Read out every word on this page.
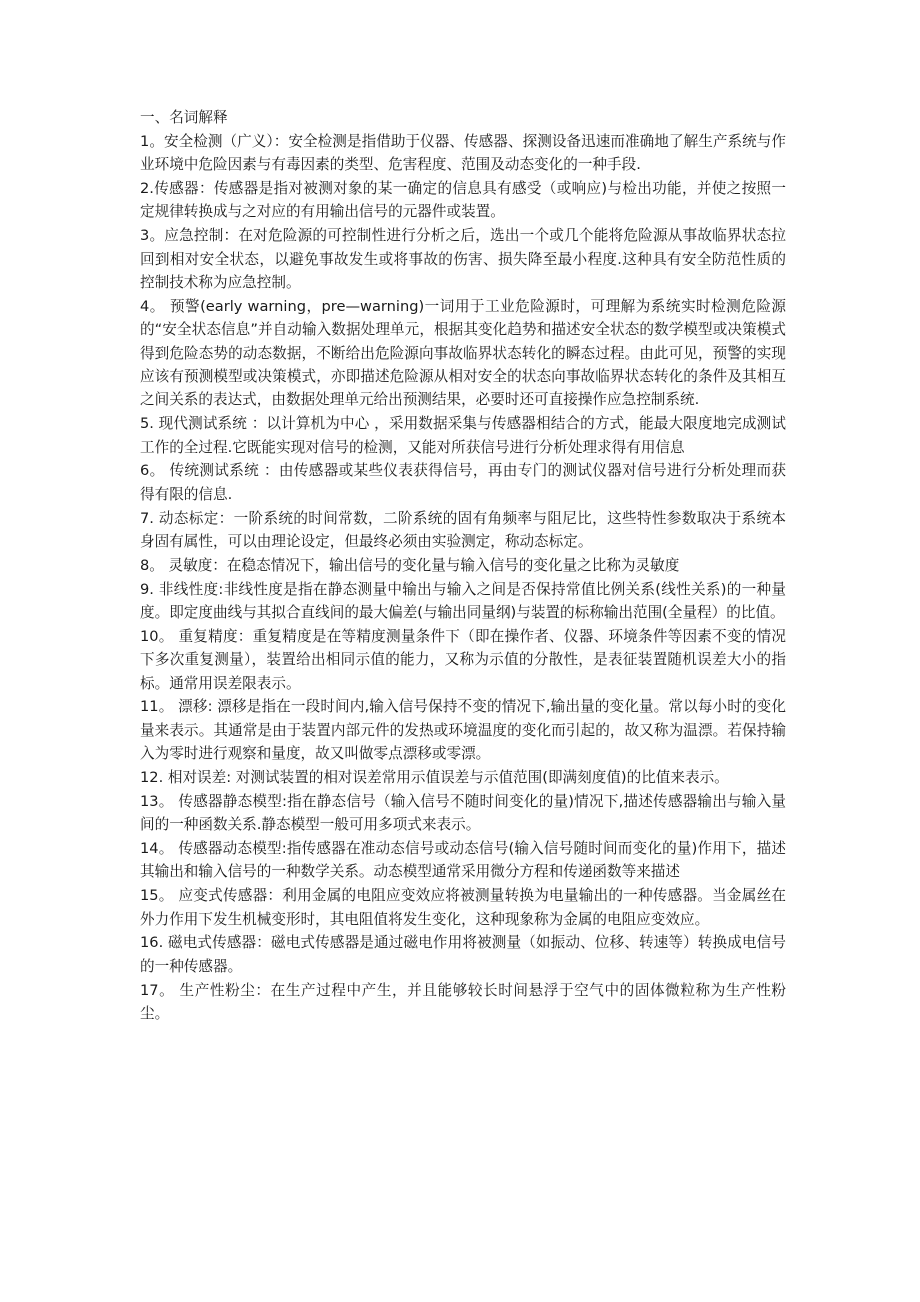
一、名词解释

1。安全检测（广义）：安全检测是指借助于仪器、传感器、探测设备迅速而准确地了解生产系统与作业环境中危险因素与有毒因素的类型、危害程度、范围及动态变化的一种手段.

2.传感器：传感器是指对被测对象的某一确定的信息具有感受（或响应)与检出功能，并使之按照一定规律转换成与之对应的有用输出信号的元器件或装置。

3。应急控制：在对危险源的可控制性进行分析之后，选出一个或几个能将危险源从事故临界状态拉回到相对安全状态，以避免事故发生或将事故的伤害、损失降至最小程度.这种具有安全防范性质的控制技术称为应急控制。

4。 预警(early warning，pre—warning)一词用于工业危险源时，可理解为系统实时检测危险源的“安全状态信息”并自动输入数据处理单元，根据其变化趋势和描述安全状态的数学模型或决策模式得到危险态势的动态数据，不断给出危险源向事故临界状态转化的瞬态过程。由此可见，预警的实现应该有预测模型或决策模式，亦即描述危险源从相对安全的状态向事故临界状态转化的条件及其相互之间关系的表达式，由数据处理单元给出预测结果，必要时还可直接操作应急控制系统.

5. 现代测试系统 ：以计算机为中心 ，采用数据采集与传感器相结合的方式，能最大限度地完成测试工作的全过程.它既能实现对信号的检测，又能对所获信号进行分析处理求得有用信息

6。 传统测试系统 ：由传感器或某些仪表获得信号，再由专门的测试仪器对信号进行分析处理而获得有限的信息.

7. 动态标定：一阶系统的时间常数，二阶系统的固有角频率与阻尼比，这些特性参数取决于系统本身固有属性，可以由理论设定，但最终必须由实验测定，称动态标定。

8。 灵敏度：在稳态情况下，输出信号的变化量与输入信号的变化量之比称为灵敏度

9. 非线性度:非线性度是指在静态测量中输出与输入之间是否保持常值比例关系(线性关系)的一种量度。即定度曲线与其拟合直线间的最大偏差(与输出同量纲)与装置的标称输出范围(全量程）的比值。

10。 重复精度：重复精度是在等精度测量条件下（即在操作者、仪器、环境条件等因素不变的情况下多次重复测量），装置给出相同示值的能力，又称为示值的分散性，是表征装置随机误差大小的指标。通常用误差限表示。

11。 漂移: 漂移是指在一段时间内,输入信号保持不变的情况下,输出量的变化量。常以每小时的变化量来表示。其通常是由于装置内部元件的发热或环境温度的变化而引起的，故又称为温漂。若保持输入为零时进行观察和量度，故又叫做零点漂移或零漂。

12. 相对误差: 对测试装置的相对误差常用示值误差与示值范围(即满刻度值)的比值来表示。

13。 传感器静态模型:指在静态信号（输入信号不随时间变化的量)情况下,描述传感器输出与输入量间的一种函数关系.静态模型一般可用多项式来表示。

14。 传感器动态模型:指传感器在准动态信号或动态信号(输入信号随时间而变化的量)作用下，描述其输出和输入信号的一种数学关系。动态模型通常采用微分方程和传递函数等来描述

15。 应变式传感器：利用金属的电阻应变效应将被测量转换为电量输出的一种传感器。当金属丝在外力作用下发生机械变形时，其电阻值将发生变化，这种现象称为金属的电阻应变效应。

16. 磁电式传感器：磁电式传感器是通过磁电作用将被测量（如振动、位移、转速等）转换成电信号的一种传感器。

17。 生产性粉尘：在生产过程中产生，并且能够较长时间悬浮于空气中的固体微粒称为生产性粉尘。
